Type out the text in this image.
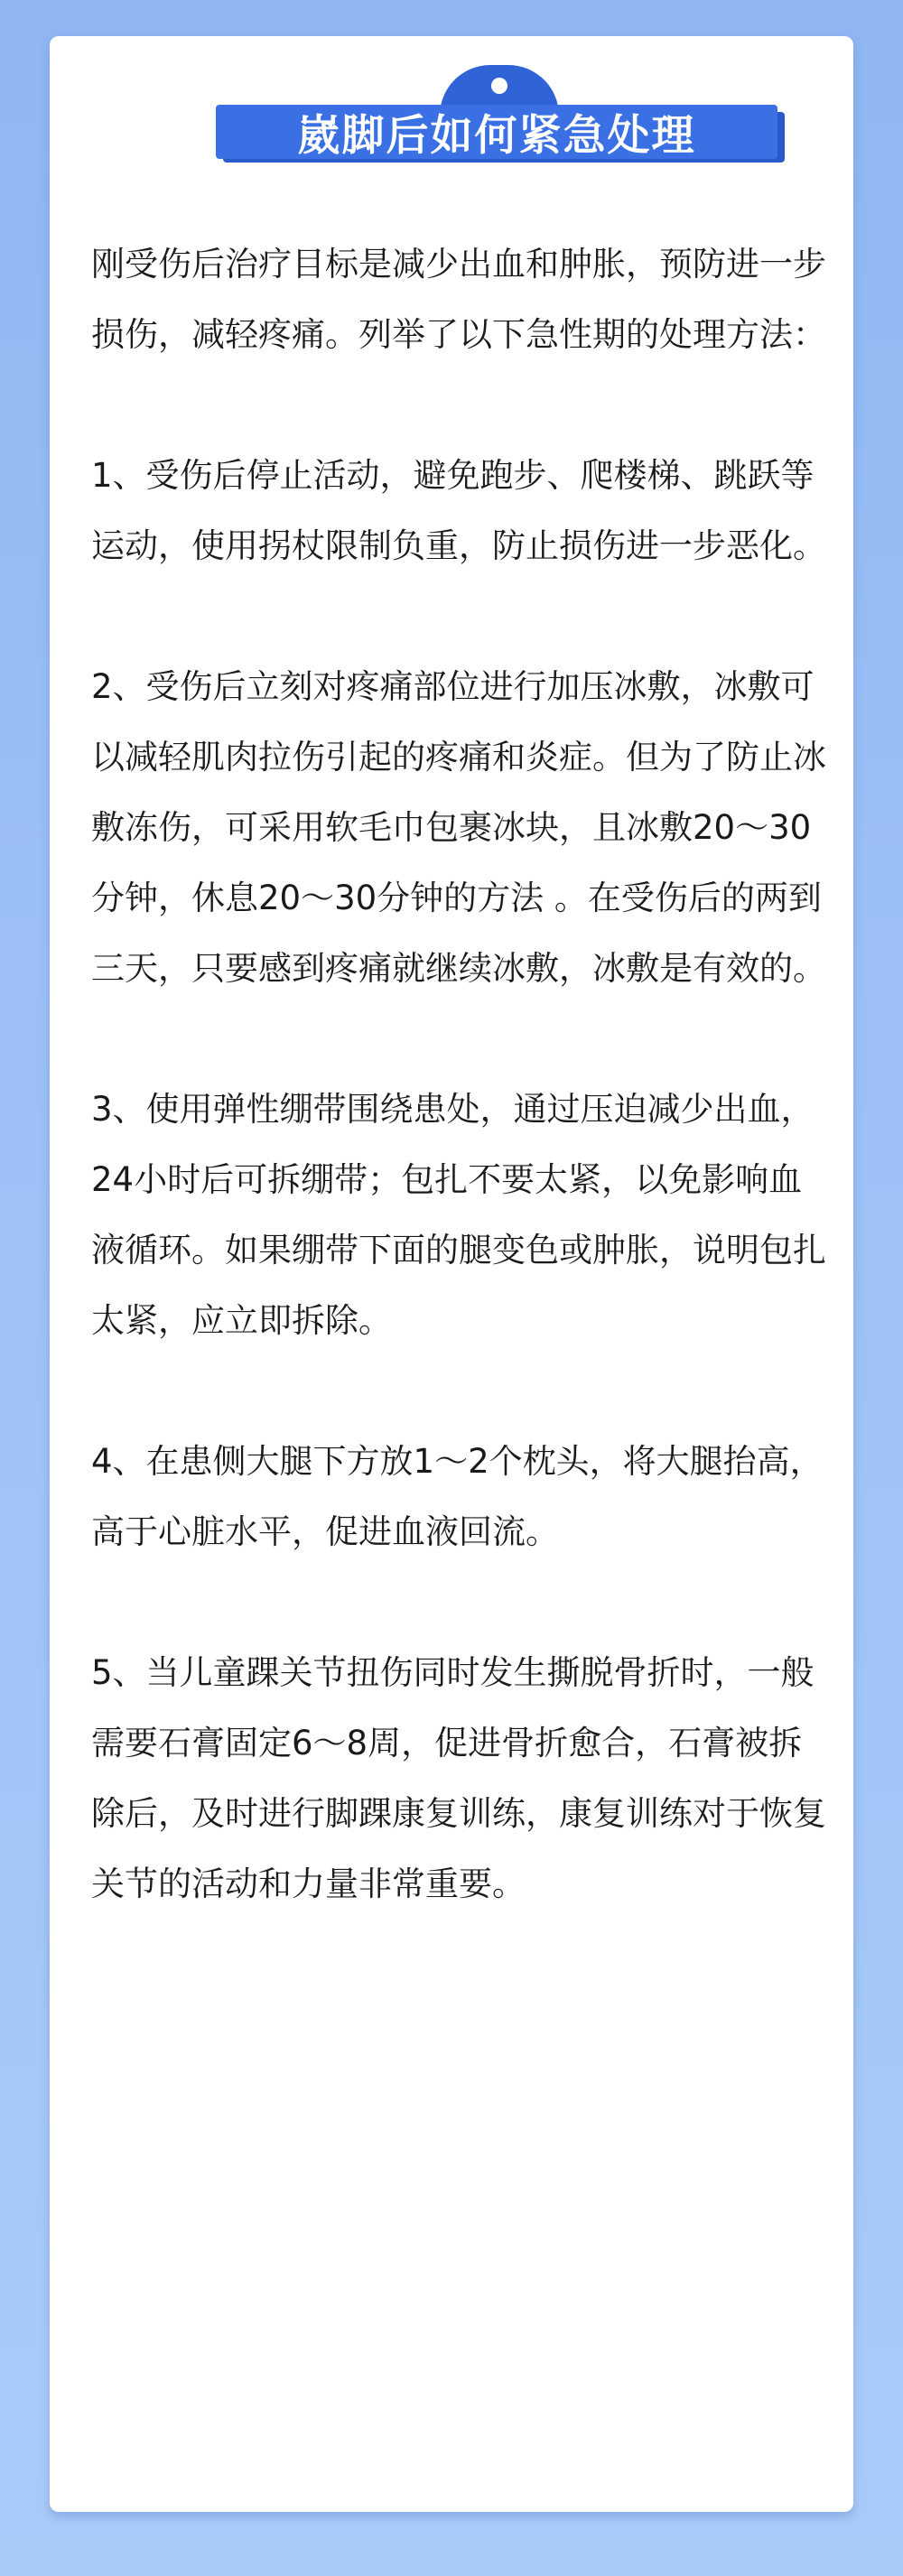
崴脚后如何紧急处理

刚受伤后治疗目标是减少出血和肿胀，预防进一步损伤，减轻疼痛。列举了以下急性期的处理方法：

1、受伤后停止活动，避免跑步、爬楼梯、跳跃等运动，使用拐杖限制负重，防止损伤进一步恶化。

2、受伤后立刻对疼痛部位进行加压冰敷，冰敷可以减轻肌肉拉伤引起的疼痛和炎症。但为了防止冰敷冻伤，可采用软毛巾包裹冰块，且冰敷20～30分钟，休息20～30分钟的方法 。在受伤后的两到三天，只要感到疼痛就继续冰敷，冰敷是有效的。

3、使用弹性绷带围绕患处，通过压迫减少出血，24小时后可拆绷带；包扎不要太紧，以免影响血液循环。如果绷带下面的腿变色或肿胀，说明包扎太紧，应立即拆除。

4、在患侧大腿下方放1～2个枕头，将大腿抬高，高于心脏水平，促进血液回流。

5、当儿童踝关节扭伤同时发生撕脱骨折时，一般需要石膏固定6～8周，促进骨折愈合，石膏被拆除后，及时进行脚踝康复训练，康复训练对于恢复关节的活动和力量非常重要。
